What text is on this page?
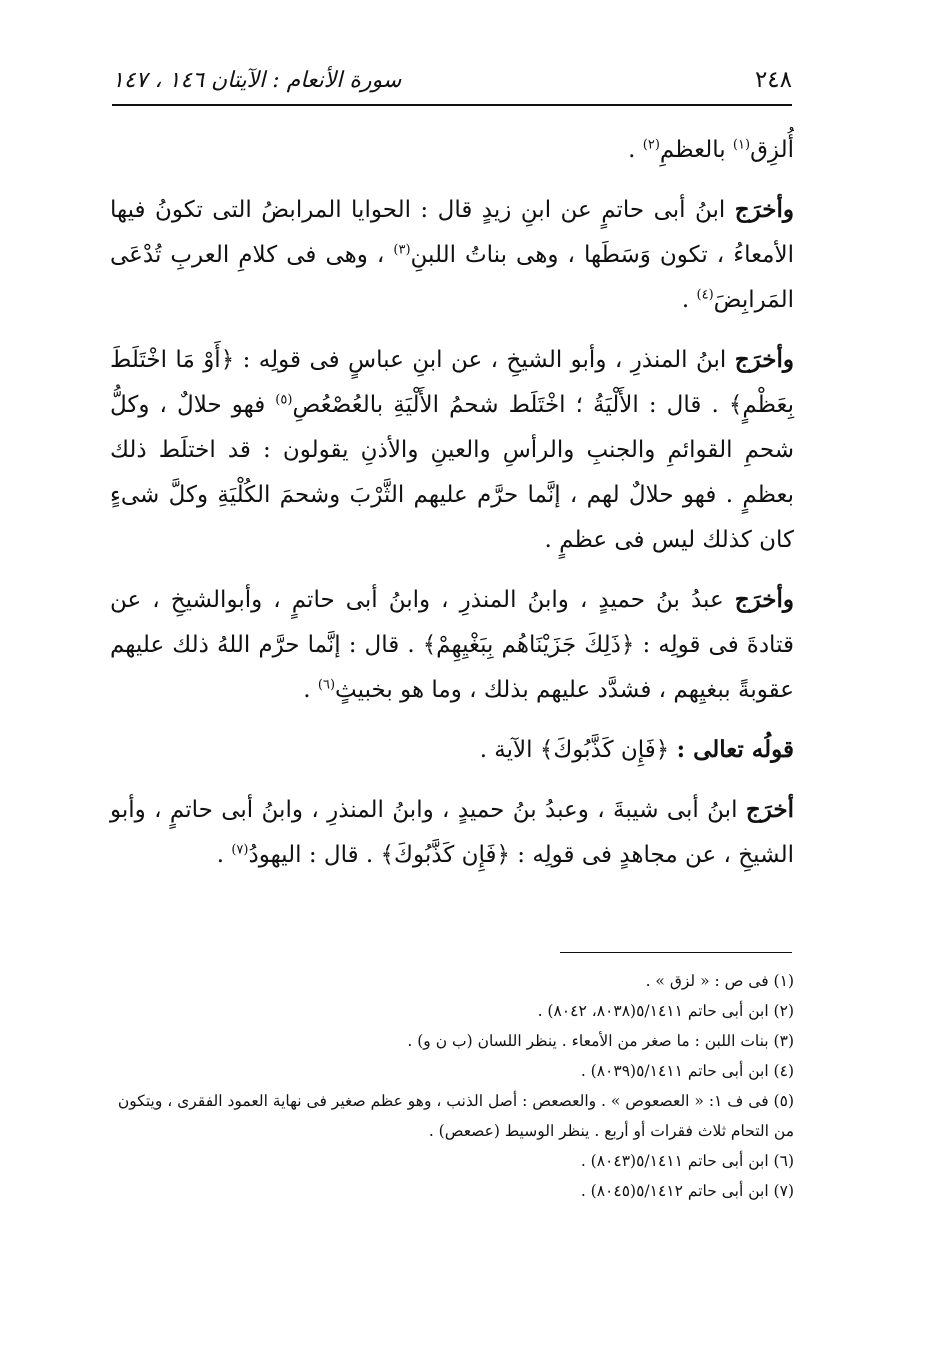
٢٤٨
سورة الأنعام : الآيتان ١٤٦ ، ١٤٧

أُلزِق$^{(١)}$ بالعظمِ$^{(٢)}$ .

وأخرَج ابنُ أبى حاتمٍ عن ابنِ زيدٍ قال : الحوايا المرابضُ التى تكونُ فيها الأمعاءُ ، تكون وَسَطَها ، وهى بناتُ اللبنِ$^{(٣)}$ ، وهى فى كلامِ العربِ تُدْعَى المَرابِضَ$^{(٤)}$ .

وأخرَج ابنُ المنذرِ ، وأبو الشيخِ ، عن ابنِ عباسٍ فى قولِه : ﴿أَوْ مَا اخْتَلَطَ بِعَظْمٍ﴾ . قال : الأَلْيَةُ ؛ اخْتَلَط شحمُ الأَلْيَةِ بالعُصْعُصِ$^{(٥)}$ فهو حلالٌ ، وكلُّ شحمِ القوائمِ والجنبِ والرأسِ والعينِ والأذنِ يقولون : قد اختلَط ذلك بعظمٍ . فهو حلالٌ لهم ، إنَّما حرَّم عليهم الثَّرْبَ وشحمَ الكُلْيَةِ وكلَّ شىءٍ كان كذلك ليس فى عظمٍ .

وأخرَج عبدُ بنُ حميدٍ ، وابنُ المنذرِ ، وابنُ أبى حاتمٍ ، وأبوالشيخِ ، عن قتادةَ فى قولِه : ﴿ذَلِكَ جَزَيْنَاهُم بِبَغْيِهِمْ﴾ . قال : إنَّما حرَّم اللهُ ذلك عليهم عقوبةً ببغيِهم ، فشدَّد عليهم بذلك ، وما هو بخبيثٍ$^{(٦)}$ .

قولُه تعالى : ﴿فَإِن كَذَّبُوكَ﴾ الآية .

أخرَج ابنُ أبى شيبةَ ، وعبدُ بنُ حميدٍ ، وابنُ المنذرِ ، وابنُ أبى حاتمٍ ، وأبو الشيخِ ، عن مجاهدٍ فى قولِه : ﴿فَإِن كَذَّبُوكَ﴾ . قال : اليهودُ$^{(٧)}$ .

(١) فى ص : « لزق » .

(٢) ابن أبى حاتم ٥/١٤١١(٨٠٣٨، ٨٠٤٢) .

(٣) بنات اللبن : ما صغر من الأمعاء . ينظر اللسان (ب ن و) .

(٤) ابن أبى حاتم ٥/١٤١١(٨٠٣٩) .

(٥) فى ف ١: « العصعوص » . والعصعص : أصل الذنب ، وهو عظم صغير فى نهاية العمود الفقرى ، ويتكون من التحام ثلاث فقرات أو أربع . ينظر الوسيط (عصعص) .

(٦) ابن أبى حاتم ٥/١٤١١(٨٠٤٣) .

(٧) ابن أبى حاتم ٥/١٤١٢(٨٠٤٥) .
